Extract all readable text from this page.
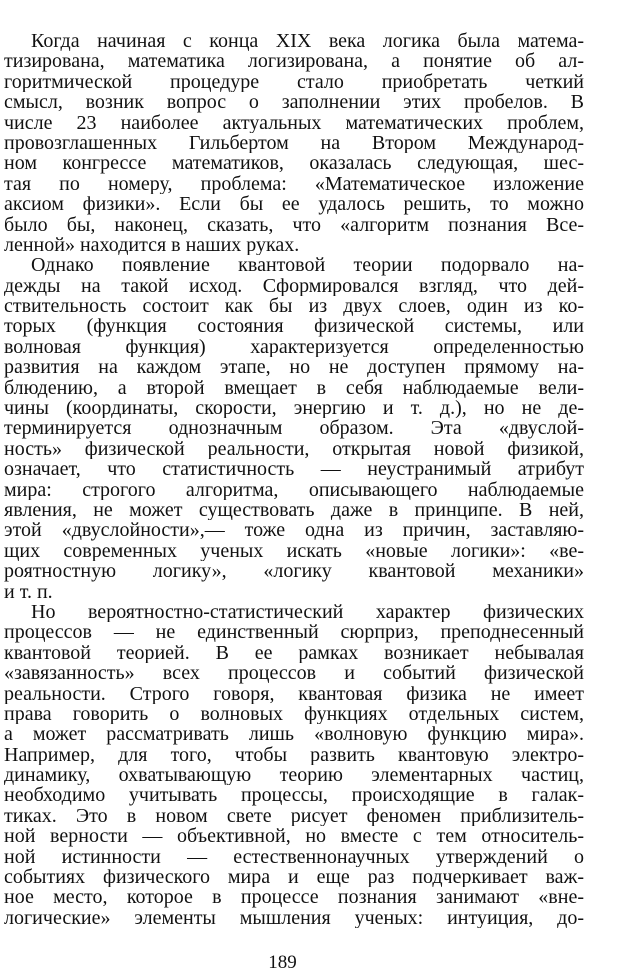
Когда начиная с конца XIX века логика была матема-
тизирована, математика логизирована, а понятие об ал-
горитмической процедуре стало приобретать четкий
смысл, возник вопрос о заполнении этих пробелов. В
числе 23 наиболее актуальных математических проблем,
провозглашенных Гильбертом на Втором Международ-
ном конгрессе математиков, оказалась следующая, шес-
тая по номеру, проблема: «Математическое изложение
аксиом физики». Если бы ее удалось решить, то можно
было бы, наконец, сказать, что «алгоритм познания Все-
ленной» находится в наших руках.
Однако появление квантовой теории подорвало на-
дежды на такой исход. Сформировался взгляд, что дей-
ствительность состоит как бы из двух слоев, один из ко-
торых (функция состояния физической системы, или
волновая функция) характеризуется определенностью
развития на каждом этапе, но не доступен прямому на-
блюдению, а второй вмещает в себя наблюдаемые вели-
чины (координаты, скорости, энергию и т. д.), но не де-
терминируется однозначным образом. Эта «двуслой-
ность» физической реальности, открытая новой физикой,
означает, что статистичность — неустранимый атрибут
мира: строгого алгоритма, описывающего наблюдаемые
явления, не может существовать даже в принципе. В ней,
этой «двуслойности»,— тоже одна из причин, заставляю-
щих современных ученых искать «новые логики»: «ве-
роятностную логику», «логику квантовой механики»
и т. п.
Но вероятностно-статистический характер физических
процессов — не единственный сюрприз, преподнесенный
квантовой теорией. В ее рамках возникает небывалая
«завязанность» всех процессов и событий физической
реальности. Строго говоря, квантовая физика не имеет
права говорить о волновых функциях отдельных систем,
а может рассматривать лишь «волновую функцию мира».
Например, для того, чтобы развить квантовую электро-
динамику, охватывающую теорию элементарных частиц,
необходимо учитывать процессы, происходящие в галак-
тиках. Это в новом свете рисует феномен приблизитель-
ной верности — объективной, но вместе с тем относитель-
ной истинности — естественнонаучных утверждений о
событиях физического мира и еще раз подчеркивает важ-
ное место, которое в процессе познания занимают «вне-
логические» элементы мышления ученых: интуиция, до-
189
